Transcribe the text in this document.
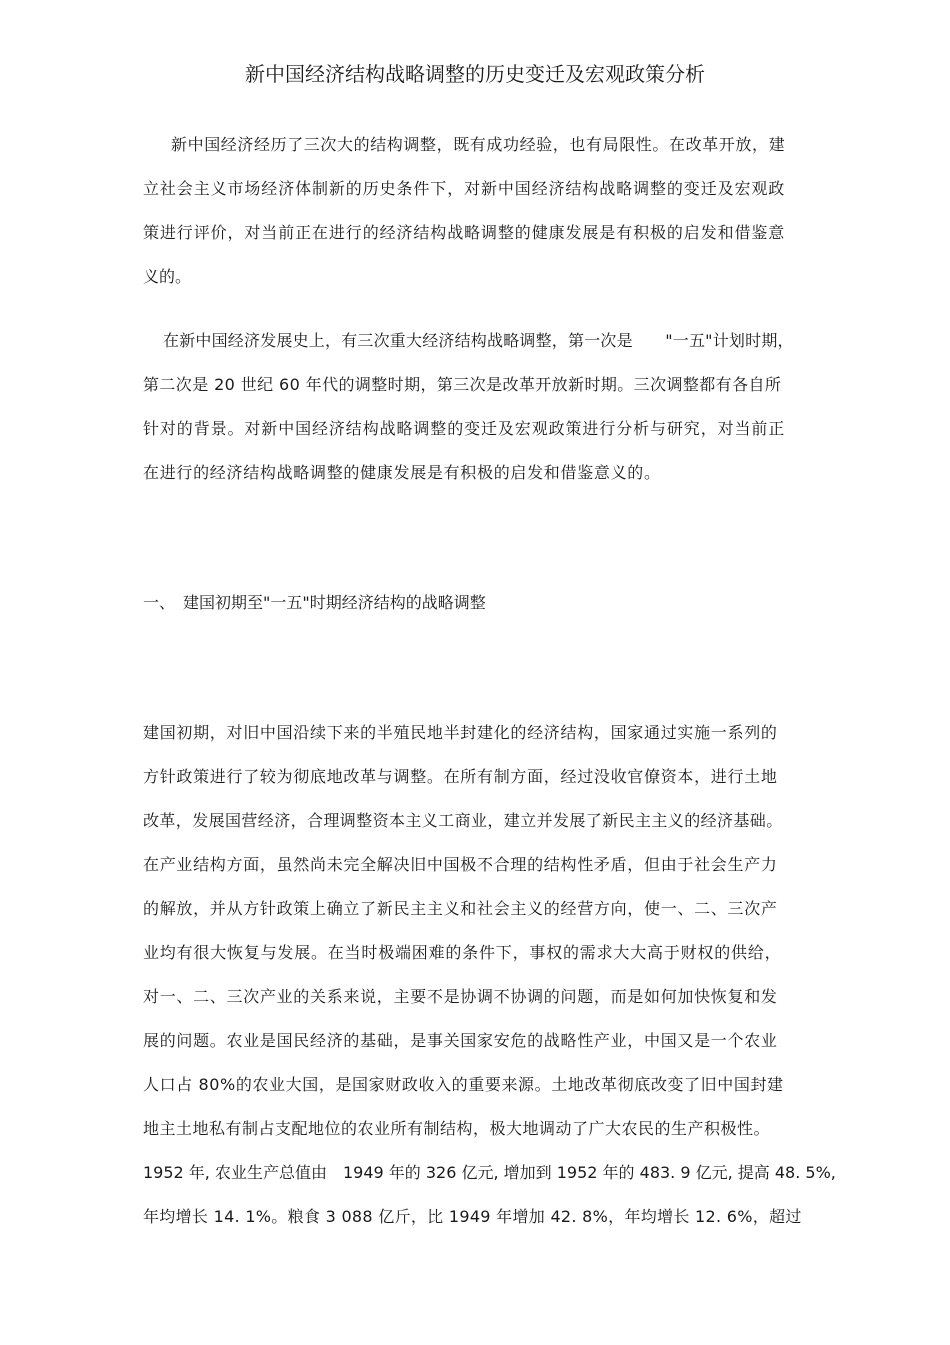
新中国经济结构战略调整的历史变迁及宏观政策分析
新中国经济经历了三次大的结构调整，既有成功经验，也有局限性。在改革开放，建
立社会主义市场经济体制新的历史条件下，对新中国经济结构战略调整的变迁及宏观政
策进行评价，对当前正在进行的经济结构战略调整的健康发展是有积极的启发和借鉴意
义的。
在新中国经济发展史上，有三次重大经济结构战略调整，第一次是　　"一五"计划时期，
第二次是 20 世纪 60 年代的调整时期，第三次是改革开放新时期。三次调整都有各自所
针对的背景。对新中国经济结构战略调整的变迁及宏观政策进行分析与研究，对当前正
在进行的经济结构战略调整的健康发展是有积极的启发和借鉴意义的。
一、　建国初期至"一五"时期经济结构的战略调整
建国初期，对旧中国沿续下来的半殖民地半封建化的经济结构，国家通过实施一系列的
方针政策进行了较为彻底地改革与调整。在所有制方面，经过没收官僚资本，进行土地
改革，发展国营经济，合理调整资本主义工商业，建立并发展了新民主主义的经济基础。
在产业结构方面，虽然尚未完全解决旧中国极不合理的结构性矛盾，但由于社会生产力
的解放，并从方针政策上确立了新民主主义和社会主义的经营方向，使一、二、三次产
业均有很大恢复与发展。在当时极端困难的条件下，事权的需求大大高于财权的供给，
对一、二、三次产业的关系来说，主要不是协调不协调的问题，而是如何加快恢复和发
展的问题。农业是国民经济的基础，是事关国家安危的战略性产业，中国又是一个农业
人口占 80%的农业大国，是国家财政收入的重要来源。土地改革彻底改变了旧中国封建
地主土地私有制占支配地位的农业所有制结构，极大地调动了广大农民的生产积极性。
1952 年, 农业生产总值由　1949 年的 326 亿元, 增加到 1952 年的 483. 9 亿元, 提高 48. 5%,
年均增长 14. 1%。粮食 3 088 亿斤，比 1949 年增加 42. 8%，年均增长 12. 6%，超过
